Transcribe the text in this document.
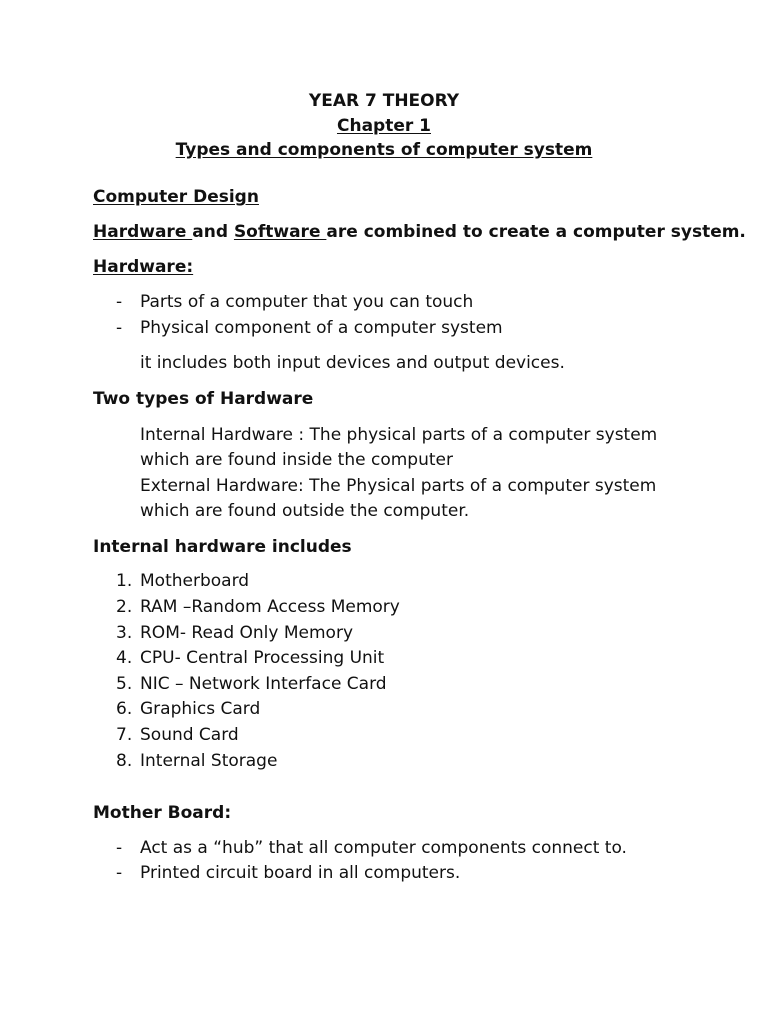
YEAR 7 THEORY
Chapter 1
Types and components of computer system
Computer Design
Hardware and Software are combined to create a computer system.
Hardware:
- Parts of a computer that you can touch
- Physical component of a computer system
it includes both input devices and output devices.
Two types of Hardware
Internal Hardware : The physical parts of a computer system
which are found inside the computer
External Hardware: The Physical parts of a computer system
which are found outside the computer.
Internal hardware includes
1. Motherboard
2. RAM –Random Access Memory
3. ROM- Read Only Memory
4. CPU- Central Processing Unit
5. NIC – Network Interface Card
6. Graphics Card
7. Sound Card
8. Internal Storage
Mother Board:
- Act as a “hub” that all computer components connect to.
- Printed circuit board in all computers.
